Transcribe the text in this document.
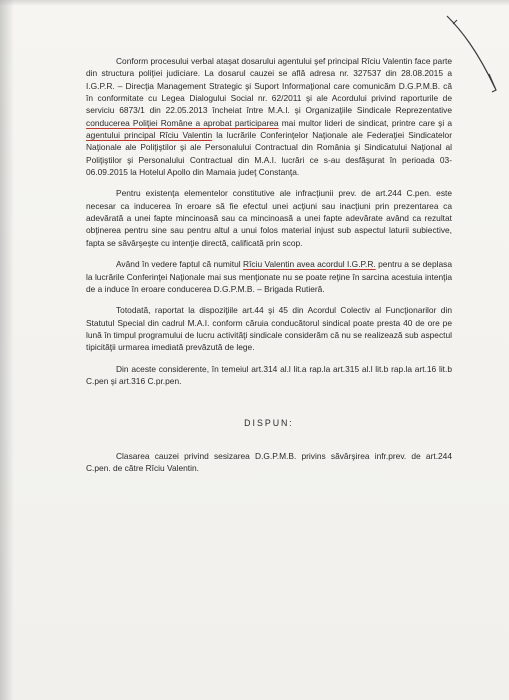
Conform procesului verbal ataşat dosarului agentului şef principal Rîciu Valentin face parte din structura poliţiei judiciare. La dosarul cauzei se află adresa nr. 327537 din 28.08.2015 a I.G.P.R. – Direcţia Management Strategic şi Suport Informaţional care comunicăm D.G.P.M.B. că în conformitate cu Legea Dialogului Social nr. 62/2011 şi ale Acordului privind raporturile de serviciu 6873/1 din 22.05.2013 încheiat între M.A.I. şi Organizaţiile Sindicale Reprezentative conducerea Poliţiei Române a aprobat participarea mai multor lideri de sindicat, printre care şi a agentului principal Rîciu Valentin la lucrările Conferinţelor Naţionale ale Federaţiei Sindicatelor Naţionale ale Poliţiştilor şi ale Personalului Contractual din România şi Sindicatului Naţional al Poliţiştilor şi Personalului Contractual din M.A.I. lucrări ce s-au desfăşurat în perioada 03-06.09.2015 la Hotelul Apollo din Mamaia judeţ Constanţa.

Pentru existenţa elementelor constitutive ale infracţiunii prev. de art.244 C.pen. este necesar ca inducerea în eroare să fie efectul unei acţiuni sau inacţiuni prin prezentarea ca adevărată a unei fapte mincinoasă sau ca mincinoasă a unei fapte adevărate având ca rezultat obţinerea pentru sine sau pentru altul a unui folos material injust sub aspectul laturii subiective, fapta se săvârşeşte cu intenţie directă, calificată prin scop.

Având în vedere faptul că numitul Rîciu Valentin avea acordul I.G.P.R. pentru a se deplasa la lucrările Conferinţei Naţionale mai sus menţionate nu se poate reţine în sarcina acestuia intenţia de a induce în eroare conducerea D.G.P.M.B. – Brigada Rutieră.

Totodată, raportat la dispoziţiile art.44 şi 45 din Acordul Colectiv al Funcţionarilor din Statutul Special din cadrul M.A.I. conform căruia conducătorul sindical poate presta 40 de ore pe lună în timpul programului de lucru activităţi sindicale considerăm că nu se realizează sub aspectul tipicităţii urmarea imediată prevăzută de lege.

Din aceste considerente, în temeiul art.314 al.l lit.a rap.la art.315 al.l lit.b rap.la art.16 lit.b C.pen şi art.316 C.pr.pen.

DISPUN:

Clasarea cauzei privind sesizarea D.G.P.M.B. privins săvârşirea infr.prev. de art.244 C.pen. de către Rîciu Valentin.
